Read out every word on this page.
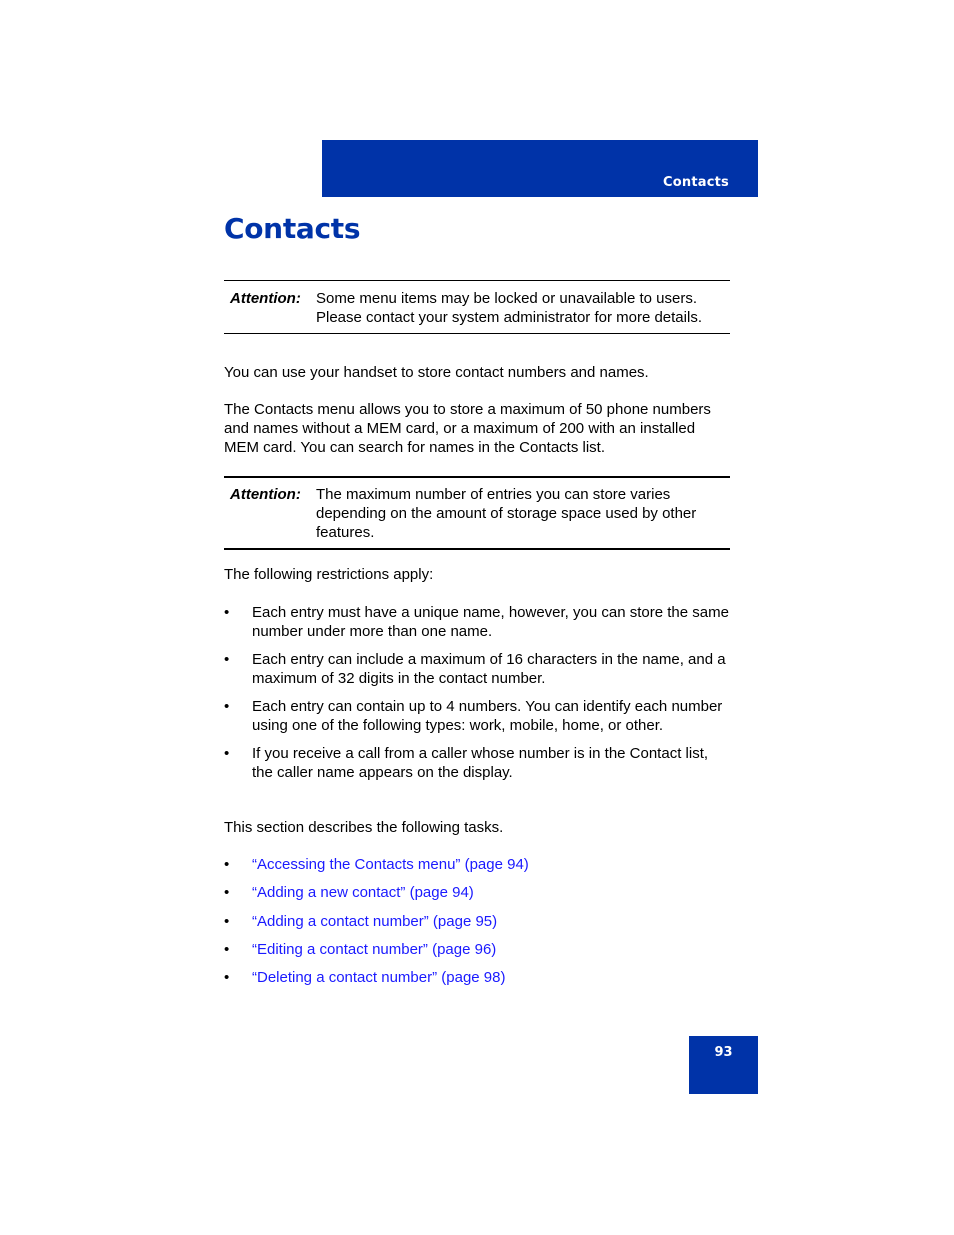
Contacts
Contacts
Attention:	Some menu items may be locked or unavailable to users.
Please contact your system administrator for more details.

You can use your handset to store contact numbers and names.

The Contacts menu allows you to store a maximum of 50 phone numbers and names without a MEM card, or a maximum of 200 with an installed MEM card. You can search for names in the Contacts list.

Attention:	The maximum number of entries you can store varies depending on the amount of storage space used by other features.

The following restrictions apply:

• Each entry must have a unique name, however, you can store the same number under more than one name.
• Each entry can include a maximum of 16 characters in the name, and a maximum of 32 digits in the contact number.
• Each entry can contain up to 4 numbers. You can identify each number using one of the following types: work, mobile, home, or other.
• If you receive a call from a caller whose number is in the Contact list, the caller name appears on the display.

This section describes the following tasks.

• “Accessing the Contacts menu” (page 94)
• “Adding a new contact” (page 94)
• “Adding a contact number” (page 95)
• “Editing a contact number” (page 96)
• “Deleting a contact number” (page 98)
93
